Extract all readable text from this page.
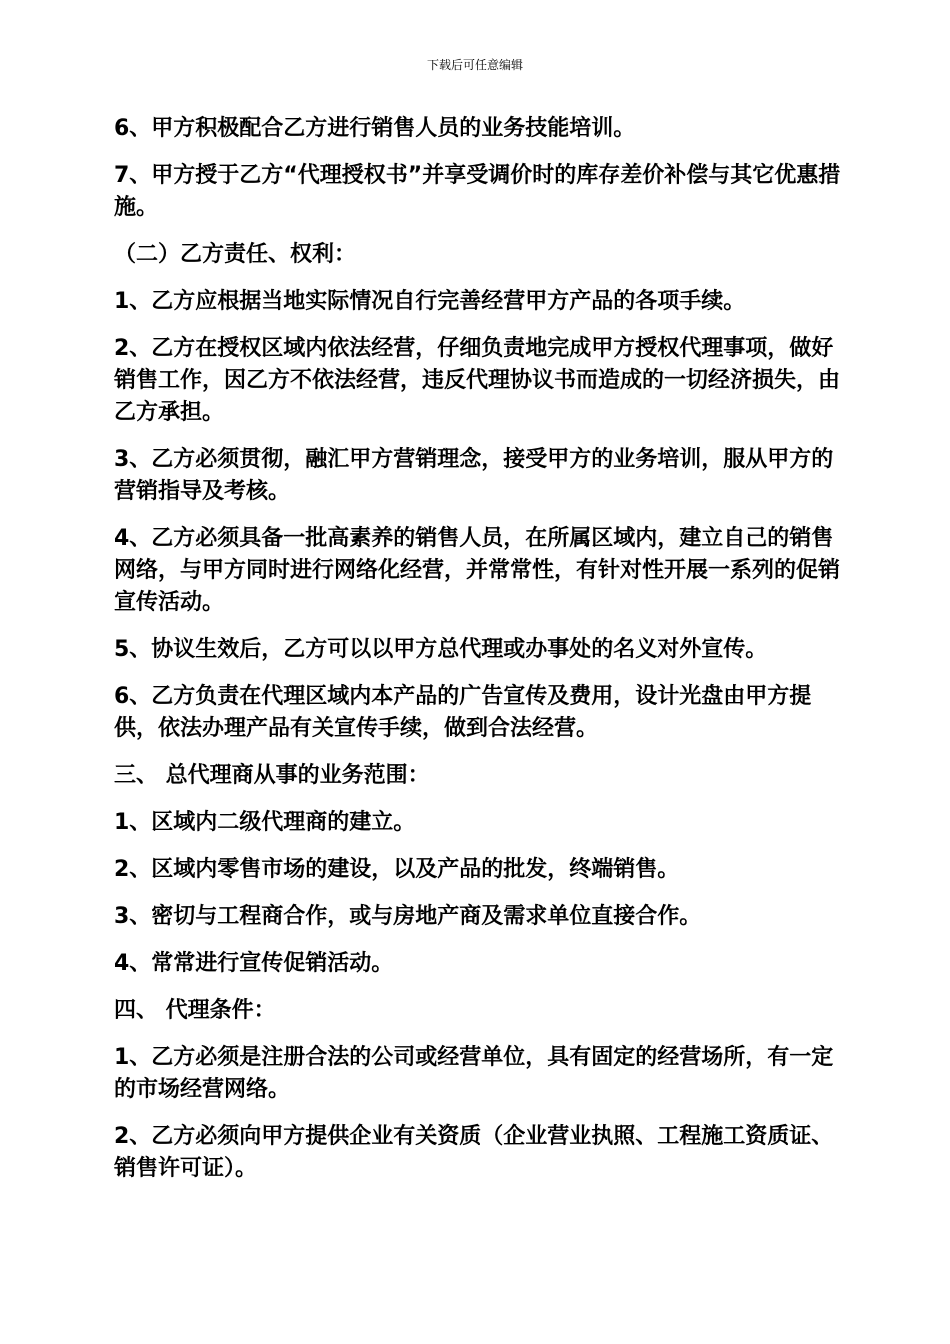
下载后可任意编辑

6、甲方积极配合乙方进行销售人员的业务技能培训。

7、甲方授于乙方“代理授权书”并享受调价时的库存差价补偿与其它优惠措施。

（二）乙方责任、权利：

1、乙方应根据当地实际情况自行完善经营甲方产品的各项手续。

2、乙方在授权区域内依法经营，仔细负责地完成甲方授权代理事项，做好销售工作，因乙方不依法经营，违反代理协议书而造成的一切经济损失，由乙方承担。

3、乙方必须贯彻，融汇甲方营销理念，接受甲方的业务培训，服从甲方的营销指导及考核。

4、乙方必须具备一批高素养的销售人员，在所属区域内，建立自己的销售网络，与甲方同时进行网络化经营，并常常性，有针对性开展一系列的促销宣传活动。

5、协议生效后，乙方可以以甲方总代理或办事处的名义对外宣传。

6、乙方负责在代理区域内本产品的广告宣传及费用，设计光盘由甲方提供，依法办理产品有关宣传手续，做到合法经营。

三、 总代理商从事的业务范围：

1、区域内二级代理商的建立。

2、区域内零售市场的建设，以及产品的批发，终端销售。

3、密切与工程商合作，或与房地产商及需求单位直接合作。

4、常常进行宣传促销活动。

四、 代理条件：

1、乙方必须是注册合法的公司或经营单位，具有固定的经营场所，有一定的市场经营网络。

2、乙方必须向甲方提供企业有关资质（企业营业执照、工程施工资质证、销售许可证）。
